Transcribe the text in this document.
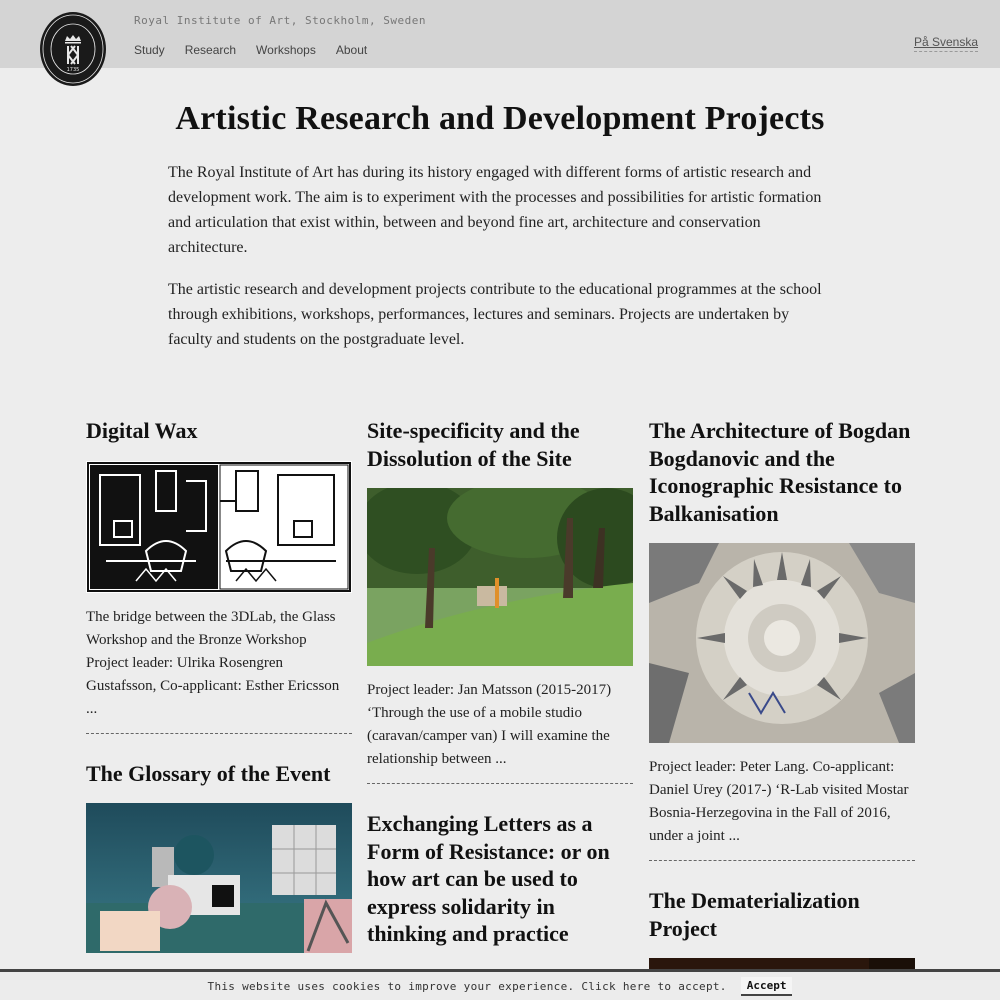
1735
Royal Institute of Art, Stockholm, Sweden
Study Research Workshops About
På Svenska
Artistic Research and Development Projects

The Royal Institute of Art has during its history engaged with different forms of artistic research and development work. The aim is to experiment with the processes and possibilities for artistic formation and articulation that exist within, between and beyond fine art, architecture and conservation architecture.

The artistic research and development projects contribute to the educational programmes at the school through exhibitions, workshops, performances, lectures and seminars. Projects are undertaken by faculty and students on the postgraduate level.

Digital Wax

The bridge between the 3DLab, the Glass Workshop and the Bronze Workshop Project leader: Ulrika Rosengren Gustafsson, Co-applicant: Esther Ericsson ...

The Glossary of the Event

Site-specificity and the Dissolution of the Site

Project leader: Jan Matsson (2015-2017) ‘Through the use of a mobile studio (caravan/camper van) I will examine the relationship between ...

Exchanging Letters as a Form of Resistance: or on how art can be used to express solidarity in thinking and practice
The Architecture of Bogdan Bogdanovic and the Iconographic Resistance to Balkanisation

Project leader: Peter Lang. Co-applicant: Daniel Urey (2017-) ‘R-Lab visited Mostar Bosnia-Herzegovina in the Fall of 2016, under a joint ...

The Dematerialization Project
This website uses cookies to improve your experience. Click here to accept.	Accept
